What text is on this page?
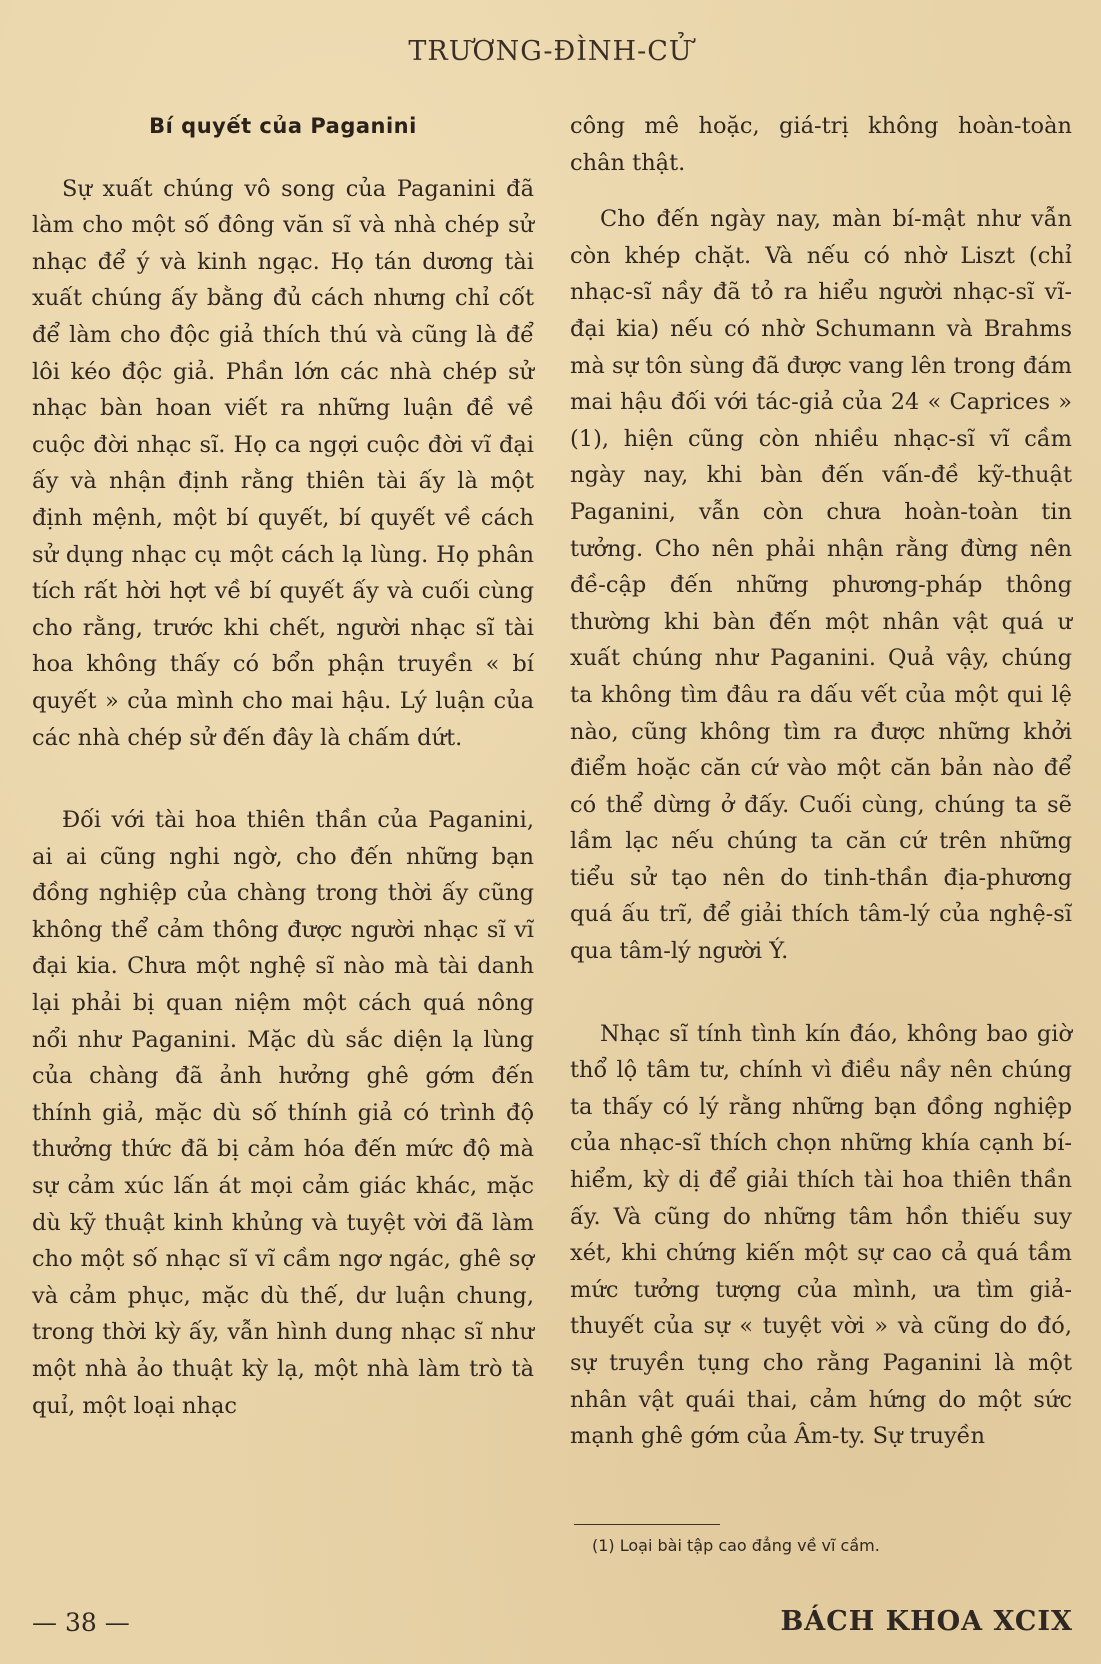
TRƯƠNG-ĐÌNH-CỬ
Bí quyết của Paganini

Sự xuất chúng vô song của Paganini đã làm cho một số đông văn sĩ và nhà chép sử nhạc để ý và kinh ngạc. Họ tán dương tài xuất chúng ấy bằng đủ cách nhưng chỉ cốt để làm cho độc giả thích thú và cũng là để lôi kéo độc giả. Phần lớn các nhà chép sử nhạc bàn hoan viết ra những luận đề về cuộc đời nhạc sĩ. Họ ca ngợi cuộc đời vĩ đại ấy và nhận định rằng thiên tài ấy là một định mệnh, một bí quyết, bí quyết về cách sử dụng nhạc cụ một cách lạ lùng. Họ phân tích rất hời hợt về bí quyết ấy và cuối cùng cho rằng, trước khi chết, người nhạc sĩ tài hoa không thấy có bổn phận truyền « bí quyết » của mình cho mai hậu. Lý luận của các nhà chép sử đến đây là chấm dứt.

Đối với tài hoa thiên thần của Paganini, ai ai cũng nghi ngờ, cho đến những bạn đồng nghiệp của chàng trong thời ấy cũng không thể cảm thông được người nhạc sĩ vĩ đại kia. Chưa một nghệ sĩ nào mà tài danh lại phải bị quan niệm một cách quá nông nổi như Paganini. Mặc dù sắc diện lạ lùng của chàng đã ảnh hưởng ghê gớm đến thính giả, mặc dù số thính giả có trình độ thưởng thức đã bị cảm hóa đến mức độ mà sự cảm xúc lấn át mọi cảm giác khác, mặc dù kỹ thuật kinh khủng và tuyệt vời đã làm cho một số nhạc sĩ vĩ cầm ngơ ngác, ghê sợ và cảm phục, mặc dù thế, dư luận chung, trong thời kỳ ấy, vẫn hình dung nhạc sĩ như một nhà ảo thuật kỳ lạ, một nhà làm trò tà quỉ, một loại nhạc

công mê hoặc, giá-trị không hoàn-toàn chân thật.

Cho đến ngày nay, màn bí-mật như vẫn còn khép chặt. Và nếu có nhờ Liszt (chỉ nhạc-sĩ nầy đã tỏ ra hiểu người nhạc-sĩ vĩ-đại kia) nếu có nhờ Schumann và Brahms mà sự tôn sùng đã được vang lên trong đám mai hậu đối với tác-giả của 24 « Caprices » (1), hiện cũng còn nhiều nhạc-sĩ vĩ cầm ngày nay, khi bàn đến vấn-đề kỹ-thuật Paganini, vẫn còn chưa hoàn-toàn tin tưởng. Cho nên phải nhận rằng đừng nên đề-cập đến những phương-pháp thông thường khi bàn đến một nhân vật quá ư xuất chúng như Paganini. Quả vậy, chúng ta không tìm đâu ra dấu vết của một qui lệ nào, cũng không tìm ra được những khởi điểm hoặc căn cứ vào một căn bản nào để có thể dừng ở đấy. Cuối cùng, chúng ta sẽ lầm lạc nếu chúng ta căn cứ trên những tiểu sử tạo nên do tinh-thần địa-phương quá ấu trĩ, để giải thích tâm-lý của nghệ-sĩ qua tâm-lý người Ý.

Nhạc sĩ tính tình kín đáo, không bao giờ thổ lộ tâm tư, chính vì điều nầy nên chúng ta thấy có lý rằng những bạn đồng nghiệp của nhạc-sĩ thích chọn những khía cạnh bí-hiểm, kỳ dị để giải thích tài hoa thiên thần ấy. Và cũng do những tâm hồn thiếu suy xét, khi chứng kiến một sự cao cả quá tầm mức tưởng tượng của mình, ưa tìm giả-thuyết của sự « tuyệt vời » và cũng do đó, sự truyền tụng cho rằng Paganini là một nhân vật quái thai, cảm hứng do một sức mạnh ghê gớm của Âm-ty. Sự truyền

(1) Loại bài tập cao đẳng về vĩ cầm.
— 38 —	BÁCH KHOA XCIX
